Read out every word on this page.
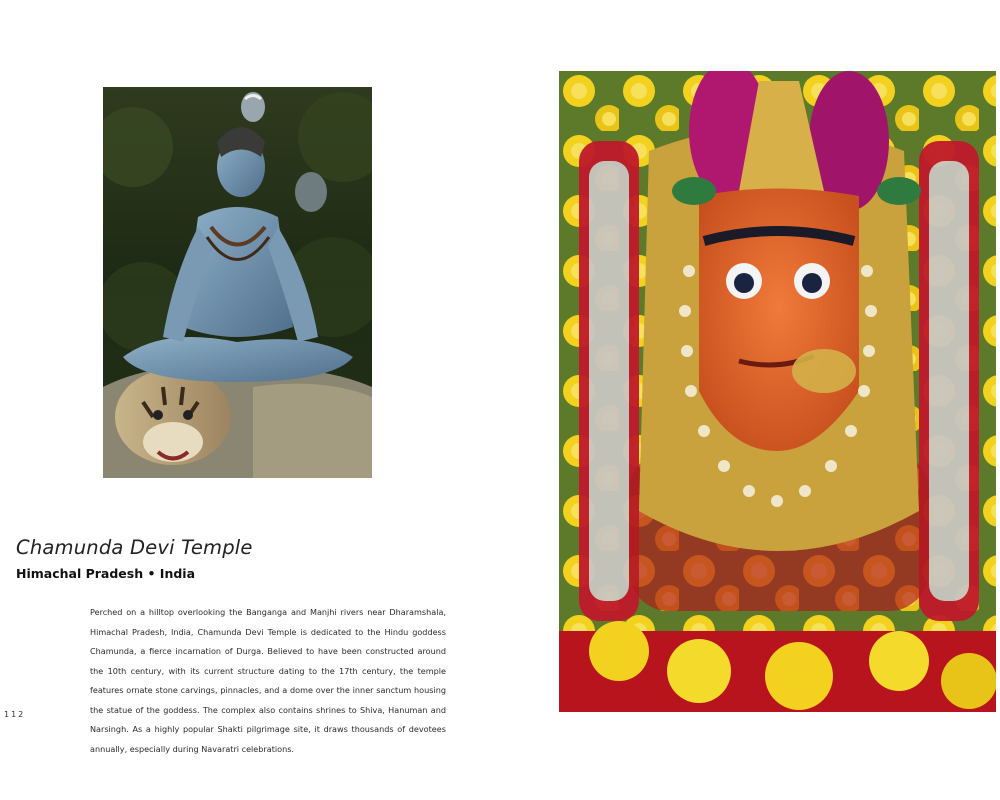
Chamunda Devi Temple
Himachal Pradesh • India

Perched on a hilltop overlooking the Banganga and Manjhi rivers near Dharamshala, Himachal Pradesh, India, Chamunda Devi Temple is dedicated to the Hindu goddess Chamunda, a fierce incarnation of Durga. Believed to have been constructed around the 10th century, with its current structure dating to the 17th century, the temple features ornate stone carvings, pinnacles, and a dome over the inner sanctum housing the statue of the goddess. The complex also contains shrines to Shiva, Hanuman and Narsingh. As a highly popular Shakti pilgrimage site, it draws thousands of devotees annually, especially during Navaratri celebrations.

112
